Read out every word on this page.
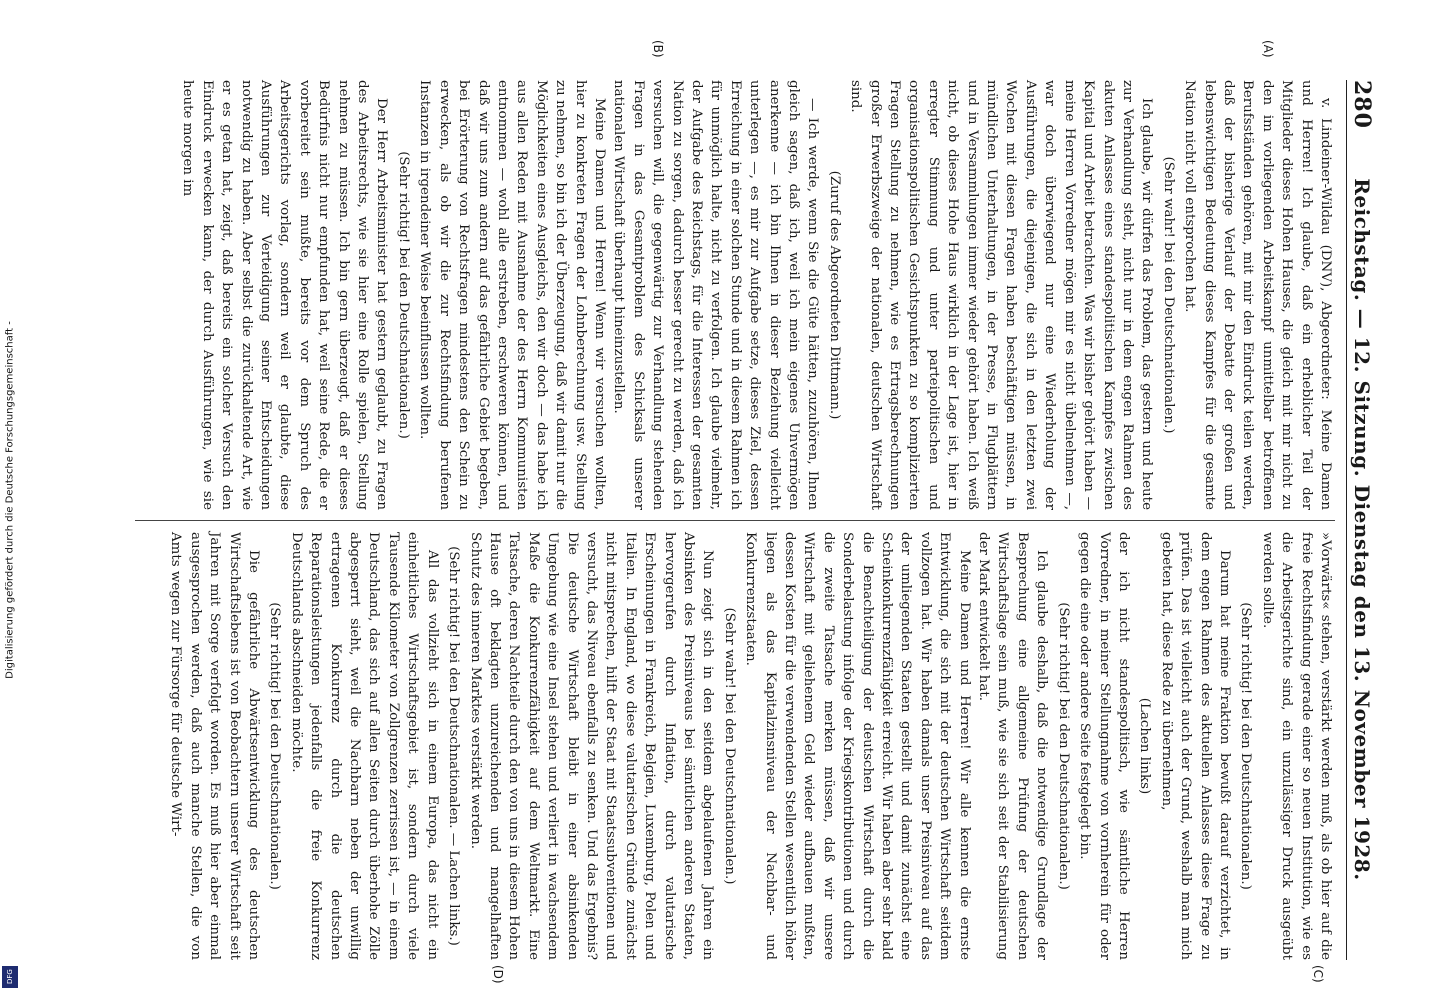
Digitalisierung gefördert durch die Deutsche Forschungsgemeinschaft -
DFG
280
Reichstag. — 12. Sitzung. Dienstag den 13. November 1928.
(A)
(B)

v. Lindeiner-Wildau (DNV), Abgeordneter: Meine Damen und Herren! Ich glaube, daß ein erheblicher Teil der Mitglieder dieses Hohen Hauses, die gleich mit mir nicht zu den im vorliegenden Arbeitskampf unmittelbar betroffenen Berufsständen gehören, mit mir den Eindruck teilen werden, daß der bisherige Verlauf der Debatte der großen und lebenswichtigen Bedeutung dieses Kampfes für die gesamte Nation nicht voll entsprochen hat.

(Sehr wahr! bei den Deutschnationalen.)

Ich glaube, wir dürfen das Problem, das gestern und heute zur Verhandlung steht, nicht nur in dem engen Rahmen des akuten Anlasses eines standespolitischen Kampfes zwischen Kapital und Arbeit betrachten. Was wir bisher gehört haben — meine Herren Vorredner mögen mir es nicht übelnehmen —, war doch überwiegend nur eine Wiederholung der Ausführungen, die diejenigen, die sich in den letzten zwei Wochen mit diesen Fragen haben beschäftigen müssen, in mündlichen Unterhaltungen, in der Presse, in Flugblättern und in Versammlungen immer wieder gehört haben. Ich weiß nicht, ob dieses Hohe Haus wirklich in der Lage ist, hier in erregter Stimmung und unter parteipolitischen und organisationspolitischen Gesichtspunkten zu so komplizierten Fragen Stellung zu nehmen, wie es Ertragsberechnungen großer Erwerbszweige der nationalen, deutschen Wirtschaft sind.

(Zuruf des Abgeordneten Dittmann.)

— Ich werde, wenn Sie die Güte hätten, zuzuhören, Ihnen gleich sagen, daß ich, weil ich mein eigenes Unvermögen anerkenne — ich bin Ihnen in dieser Beziehung vielleicht unterlegen —, es mir zur Aufgabe setze, dieses Ziel, dessen Erreichung in einer solchen Stunde und in diesem Rahmen ich für unmöglich halte, nicht zu verfolgen. Ich glaube vielmehr, der Aufgabe des Reichstags, für die Interessen der gesamten Nation zu sorgen, dadurch besser gerecht zu werden, daß ich versuchen will, die gegenwärtig zur Verhandlung stehenden Fragen in das Gesamtproblem des Schicksals unserer nationalen Wirtschaft überhaupt hineinzustellen.

Meine Damen und Herren! Wenn wir versuchen wollten, hier zu konkreten Fragen der Lohnberechnung usw. Stellung zu nehmen, so bin ich der Überzeugung, daß wir damit nur die Möglichkeiten eines Ausgleichs, den wir doch — das habe ich aus allen Reden mit Ausnahme der des Herrn Kommunisten entnommen — wohl alle erstreben, erschweren können, und daß wir uns zum andern auf das gefährliche Gebiet begeben, bei Erörterung von Rechtsfragen mindestens den Schein zu erwecken, als ob wir die zur Rechtsfindung berufenen Instanzen in irgendeiner Weise beeinflussen wollten.

(Sehr richtig! bei den Deutschnationalen.)

Der Herr Arbeitsminister hat gestern geglaubt, zu Fragen des Arbeitsrechts, wie sie hier eine Rolle spielen, Stellung nehmen zu müssen. Ich bin gern überzeugt, daß er dieses Bedürfnis nicht nur empfunden hat, weil seine Rede, die er vorbereitet sein mußte, bereits vor dem Spruch des Arbeitsgerichts vorlag, sondern weil er glaubte, diese Ausführungen zur Verteidigung seiner Entscheidungen notwendig zu haben. Aber selbst die zurückhaltende Art, wie er es getan hat, zeigt, daß bereits ein solcher Versuch den Eindruck erwecken kann, der durch Ausführungen, wie sie heute morgen im

»Vorwärts« stehen, verstärkt werden muß, als ob hier auf die freie Rechtsfindung gerade einer so neuen Institution, wie es die Arbeitsgerichte sind, ein unzulässiger Druck ausgeübt werden sollte.

(Sehr richtig! bei den Deutschnationalen.)

Darum hat meine Fraktion bewußt darauf verzichtet, in dem engen Rahmen des aktuellen Anlasses diese Frage zu prüfen. Das ist vielleicht auch der Grund, weshalb man mich gebeten hat, diese Rede zu übernehmen,

(Lachen links)

der ich nicht standespolitisch, wie sämtliche Herren Vorredner, in meiner Stellungnahme von vornherein für oder gegen die eine oder andere Seite festgelegt bin.

(Sehr richtig! bei den Deutschnationalen.)

Ich glaube deshalb, daß die notwendige Grundlage der Besprechung eine allgemeine Prüfung der deutschen Wirtschaftslage sein muß, wie sie sich seit der Stabilisierung der Mark entwickelt hat.

Meine Damen und Herren! Wir alle kennen die ernste Entwicklung, die sich mit der deutschen Wirtschaft seitdem vollzogen hat. Wir haben damals unser Preisniveau auf das der umliegenden Staaten gestellt und damit zunächst eine Scheinkonkurrenzfähigkeit erreicht. Wir haben aber sehr bald die Benachteiligung der deutschen Wirtschaft durch die Sonderbelastung infolge der Kriegskontributionen und durch die zweite Tatsache merken müssen, daß wir unsere Wirtschaft mit geliehenem Geld wieder aufbauen mußten, dessen Kosten für die verwendenden Stellen wesentlich höher liegen als das Kapitalzinsniveau der Nachbar- und Konkurrenzstaaten.

(Sehr wahr! bei den Deutschnationalen.)

Nun zeigt sich in den seitdem abgelaufenen Jahren ein Absinken des Preisniveaus bei sämtlichen anderen Staaten, hervorgerufen durch Inflation, durch valutarische Erscheinungen in Frankreich, Belgien, Luxemburg, Polen und Italien. In England, wo diese valutarischen Gründe zunächst nicht mitsprechen, hilft der Staat mit Staatssubventionen und versucht, das Niveau ebenfalls zu senken. Und das Ergebnis? Die deutsche Wirtschaft bleibt in einer absinkenden Umgebung wie eine Insel stehen und verliert in wachsendem Maße die Konkurrenzfähigkeit auf dem Weltmarkt. Eine Tatsache, deren Nachteile durch den von uns in diesem Hohen Hause oft beklagten unzureichenden und mangelhaften Schutz des inneren Marktes verstärkt werden.

(Sehr richtig! bei den Deutschnationalen. — Lachen links.)

All das vollzieht sich in einem Europa, das nicht ein einheitliches Wirtschaftsgebiet ist, sondern durch viele Tausende Kilometer von Zollgrenzen zerrissen ist, — in einem Deutschland, das sich auf allen Seiten durch überhohe Zölle abgesperrt sieht, weil die Nachbarn neben der unwillig ertragenen Konkurrenz durch die deutschen Reparationsleistungen jedenfalls die freie Konkurrenz Deutschlands abschneiden möchte.

(Sehr richtig! bei den Deutschnationalen.)

Die gefährliche Abwärtsentwicklung des deutschen Wirtschaftslebens ist von Beobachtern unserer Wirtschaft seit Jahren mit Sorge verfolgt worden. Es muß hier aber einmal ausgesprochen werden, daß auch manche Stellen, die von Amts wegen zur Fürsorge für deutsche Wirt-

(C)
(D)
